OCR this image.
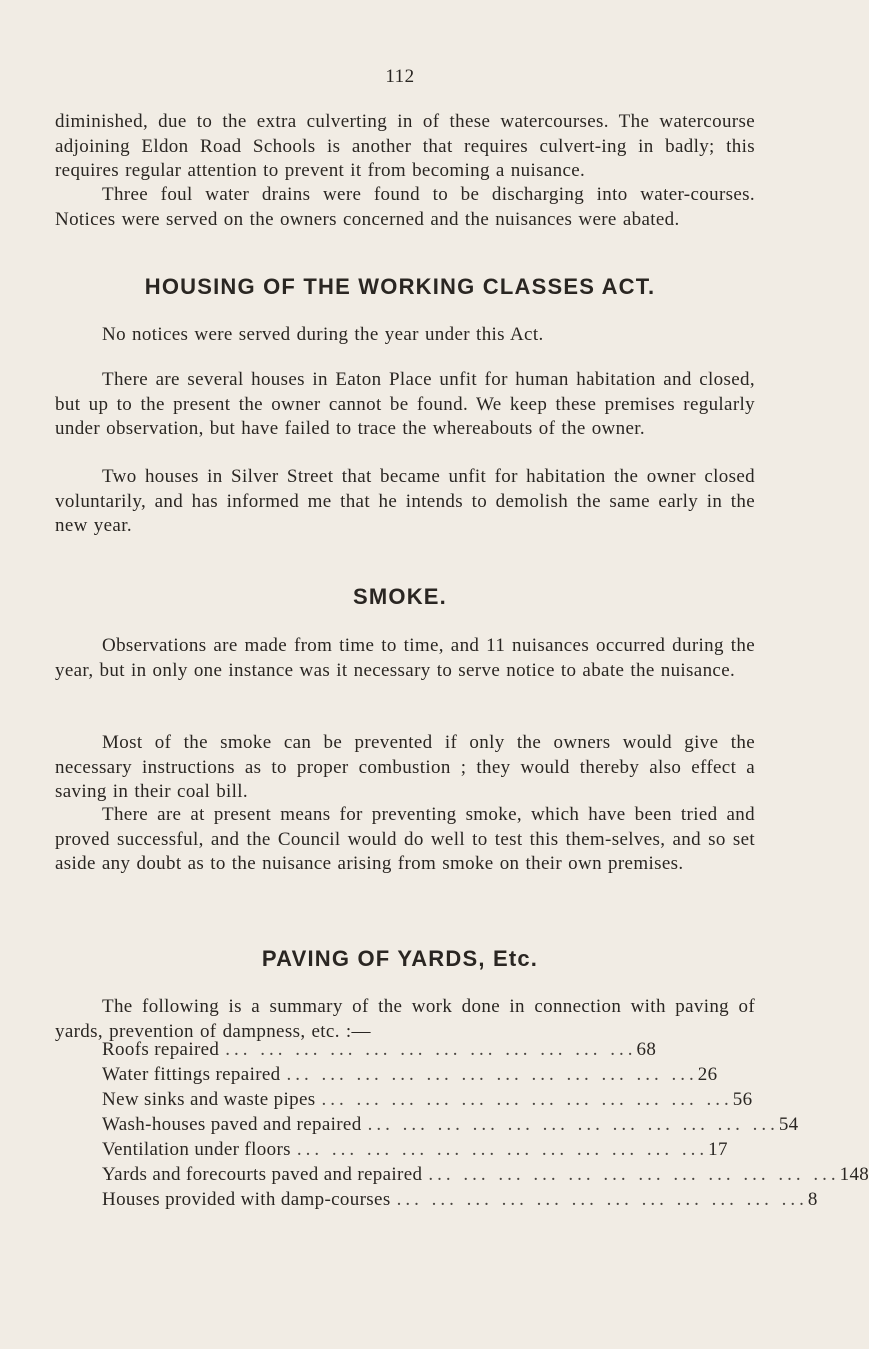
112

diminished, due to the extra culverting in of these watercourses. The watercourse adjoining Eldon Road Schools is another that requires culvert-ing in badly; this requires regular attention to prevent it from becoming a nuisance.

Three foul water drains were found to be discharging into water-courses. Notices were served on the owners concerned and the nuisances were abated.

HOUSING OF THE WORKING CLASSES ACT.

No notices were served during the year under this Act.

There are several houses in Eaton Place unfit for human habitation and closed, but up to the present the owner cannot be found. We keep these premises regularly under observation, but have failed to trace the whereabouts of the owner.

Two houses in Silver Street that became unfit for habitation the owner closed voluntarily, and has informed me that he intends to demolish the same early in the new year.

SMOKE.

Observations are made from time to time, and 11 nuisances occurred during the year, but in only one instance was it necessary to serve notice to abate the nuisance.

Most of the smoke can be prevented if only the owners would give the necessary instructions as to proper combustion ; they would thereby also effect a saving in their coal bill.

There are at present means for preventing smoke, which have been tried and proved successful, and the Council would do well to test this them-selves, and so set aside any doubt as to the nuisance arising from smoke on their own premises.

PAVING OF YARDS, Etc.

The following is a summary of the work done in connection with paving of yards, prevention of dampness, etc. :—

Roofs repaired ... ... ... ... ... ... ... ... ... ... ... ... 68
Water fittings repaired ... ... ... ... ... ... ... ... ... ... ... ... 26
New sinks and waste pipes ... ... ... ... ... ... ... ... ... ... ... ... 56
Wash-houses paved and repaired ... ... ... ... ... ... ... ... ... ... ... ... 54
Ventilation under floors ... ... ... ... ... ... ... ... ... ... ... ... 17
Yards and forecourts paved and repaired ... ... ... ... ... ... ... ... ... ... ... ... 148
Houses provided with damp-courses ... ... ... ... ... ... ... ... ... ... ... ... 8
